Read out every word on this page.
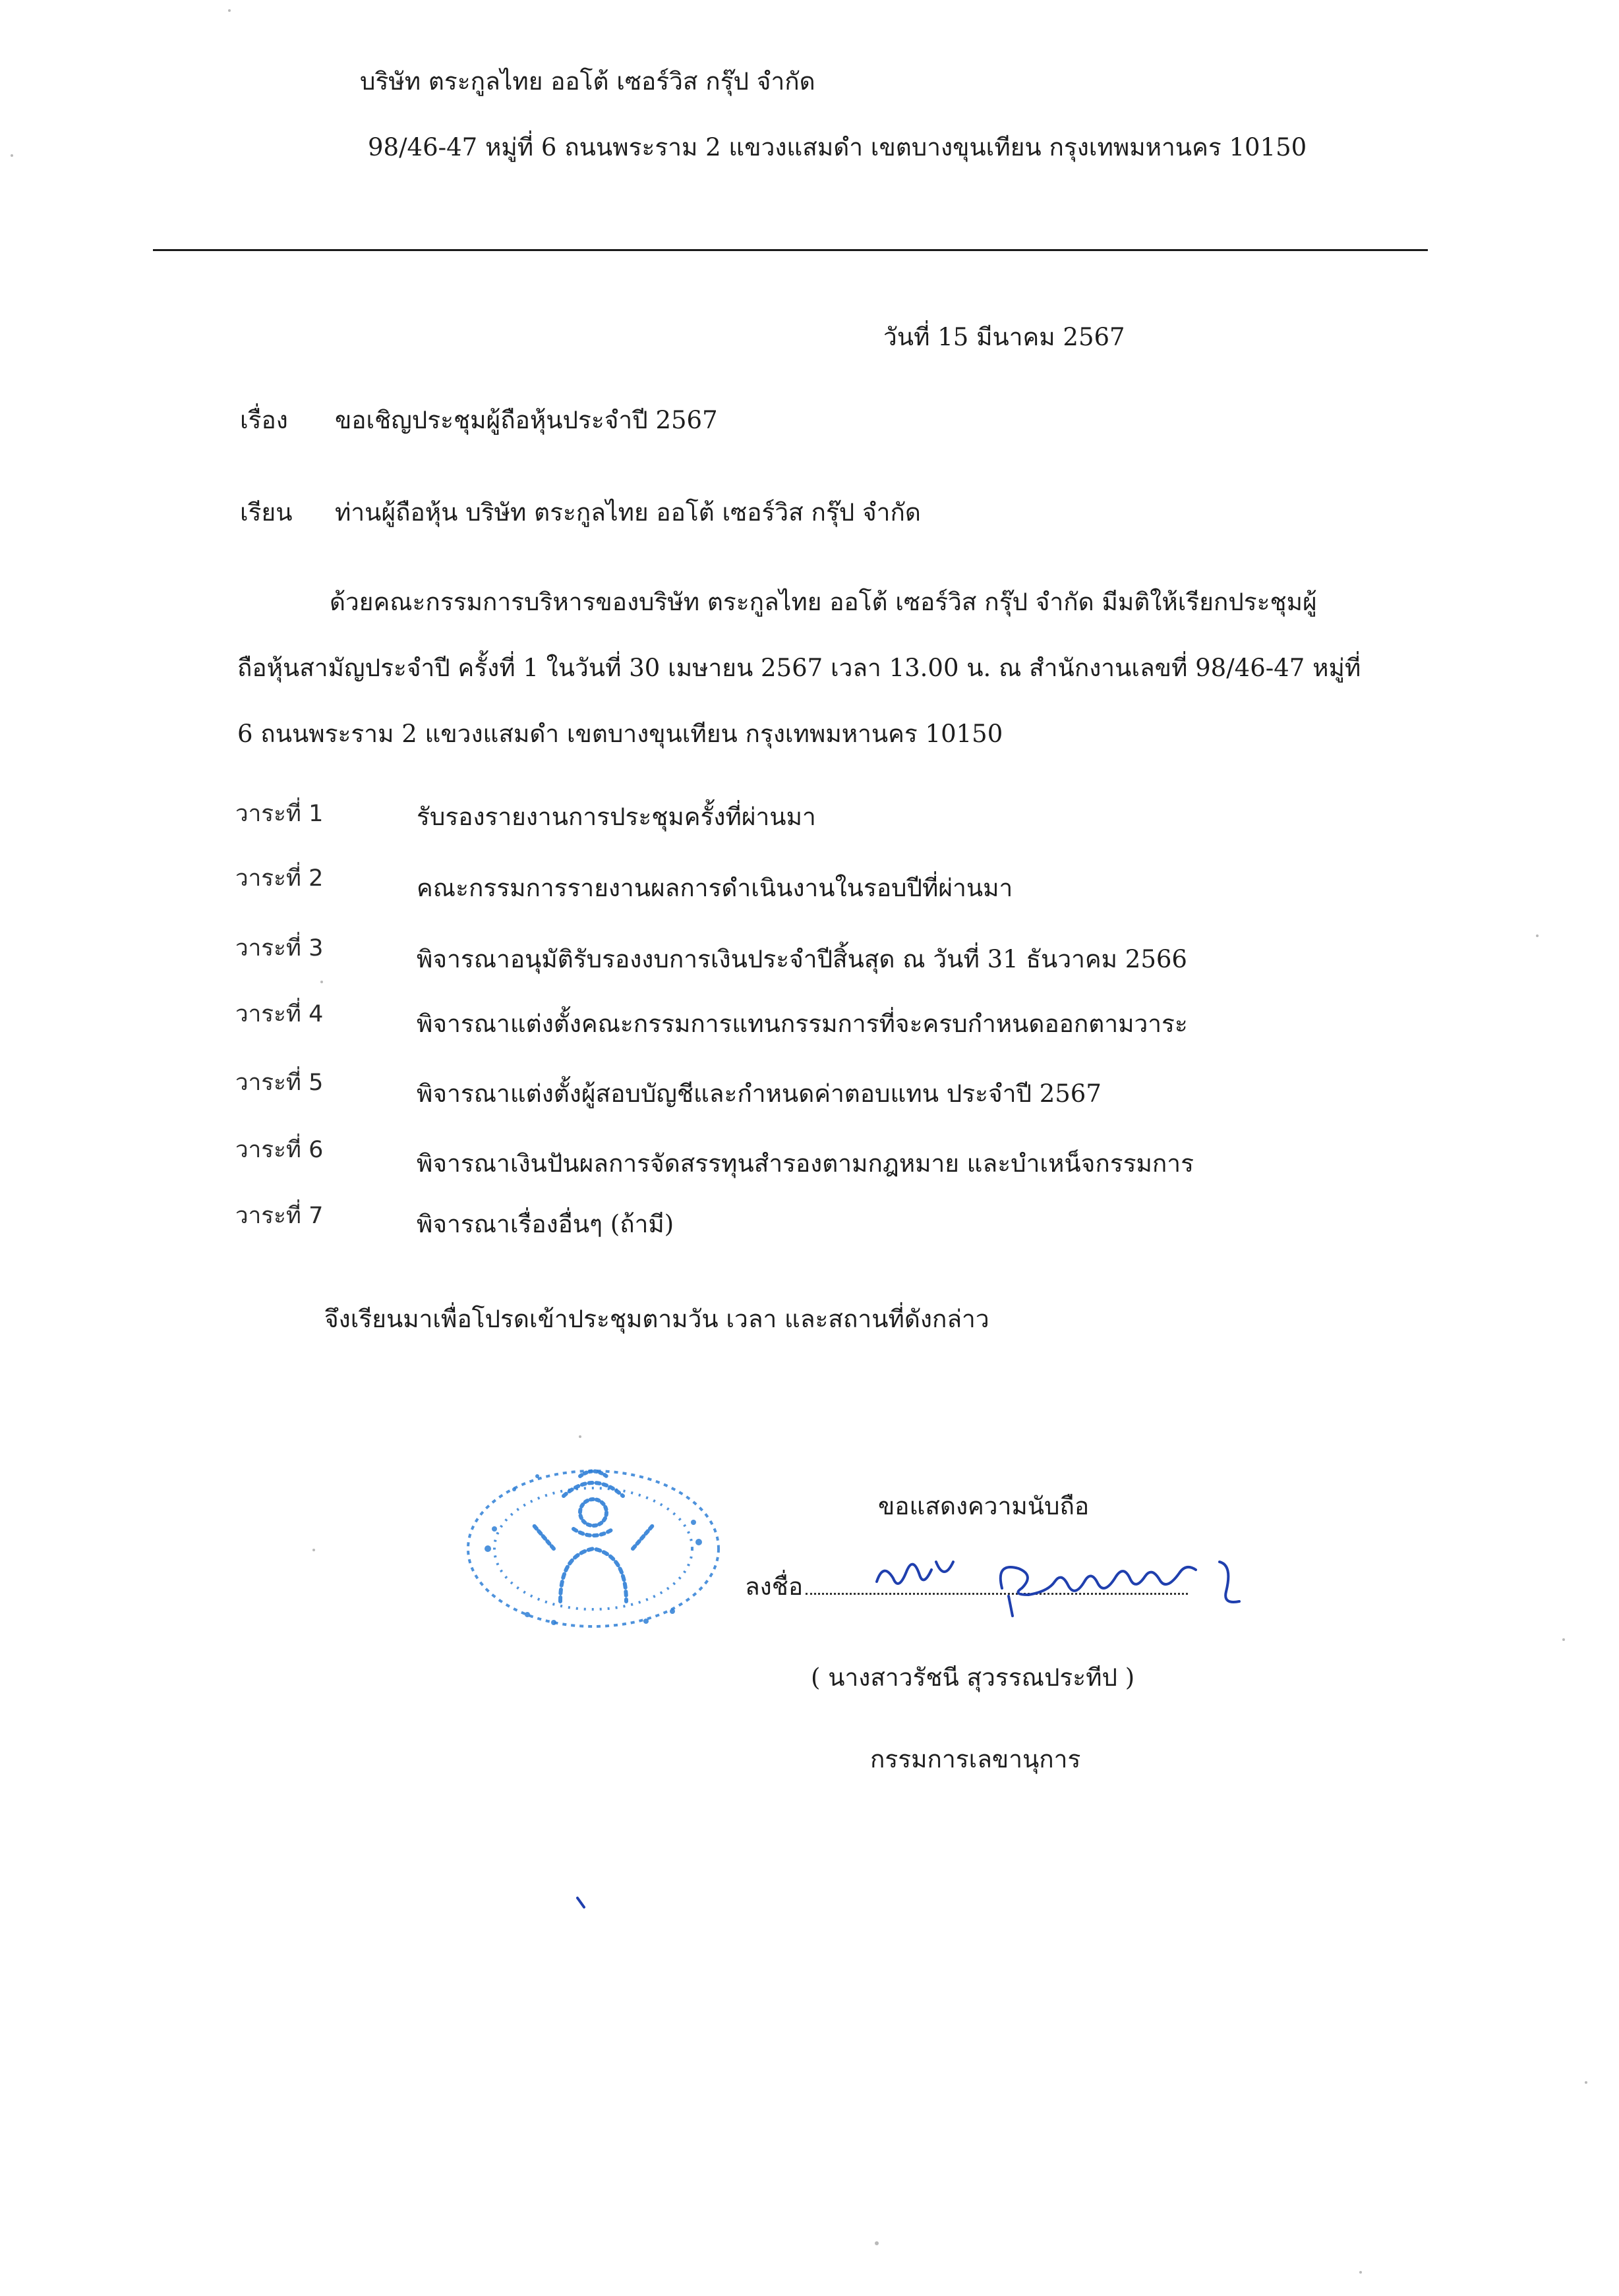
บริษัท ตระกูลไทย ออโต้ เซอร์วิส กรุ๊ป จำกัด
98/46-47 หมู่ที่ 6 ถนนพระราม 2 แขวงแสมดำ เขตบางขุนเทียน กรุงเทพมหานคร 10150
วันที่ 15 มีนาคม 2567
เรื่อง ขอเชิญประชุมผู้ถือหุ้นประจำปี 2567
เรียน ท่านผู้ถือหุ้น บริษัท ตระกูลไทย ออโต้ เซอร์วิส กรุ๊ป จำกัด
ด้วยคณะกรรมการบริหารของบริษัท ตระกูลไทย ออโต้ เซอร์วิส กรุ๊ป จำกัด มีมติให้เรียกประชุมผู้
ถือหุ้นสามัญประจำปี ครั้งที่ 1 ในวันที่ 30 เมษายน 2567 เวลา 13.00 น. ณ สำนักงานเลขที่ 98/46-47 หมู่ที่
6 ถนนพระราม 2 แขวงแสมดำ เขตบางขุนเทียน กรุงเทพมหานคร 10150
วาระที่ 1	รับรองรายงานการประชุมครั้งที่ผ่านมา
วาระที่ 2	คณะกรรมการรายงานผลการดำเนินงานในรอบปีที่ผ่านมา
วาระที่ 3	พิจารณาอนุมัติรับรองงบการเงินประจำปีสิ้นสุด ณ วันที่ 31 ธันวาคม 2566
วาระที่ 4	พิจารณาแต่งตั้งคณะกรรมการแทนกรรมการที่จะครบกำหนดออกตามวาระ
วาระที่ 5	พิจารณาแต่งตั้งผู้สอบบัญชีและกำหนดค่าตอบแทน ประจำปี 2567
วาระที่ 6	พิจารณาเงินปันผลการจัดสรรทุนสำรองตามกฎหมาย และบำเหน็จกรรมการ
วาระที่ 7	พิจารณาเรื่องอื่นๆ (ถ้ามี)
จึงเรียนมาเพื่อโปรดเข้าประชุมตามวัน เวลา และสถานที่ดังกล่าว
ขอแสดงความนับถือ
ลงชื่อ
( นางสาวรัชนี สุวรรณประทีป )
กรรมการเลขานุการ
